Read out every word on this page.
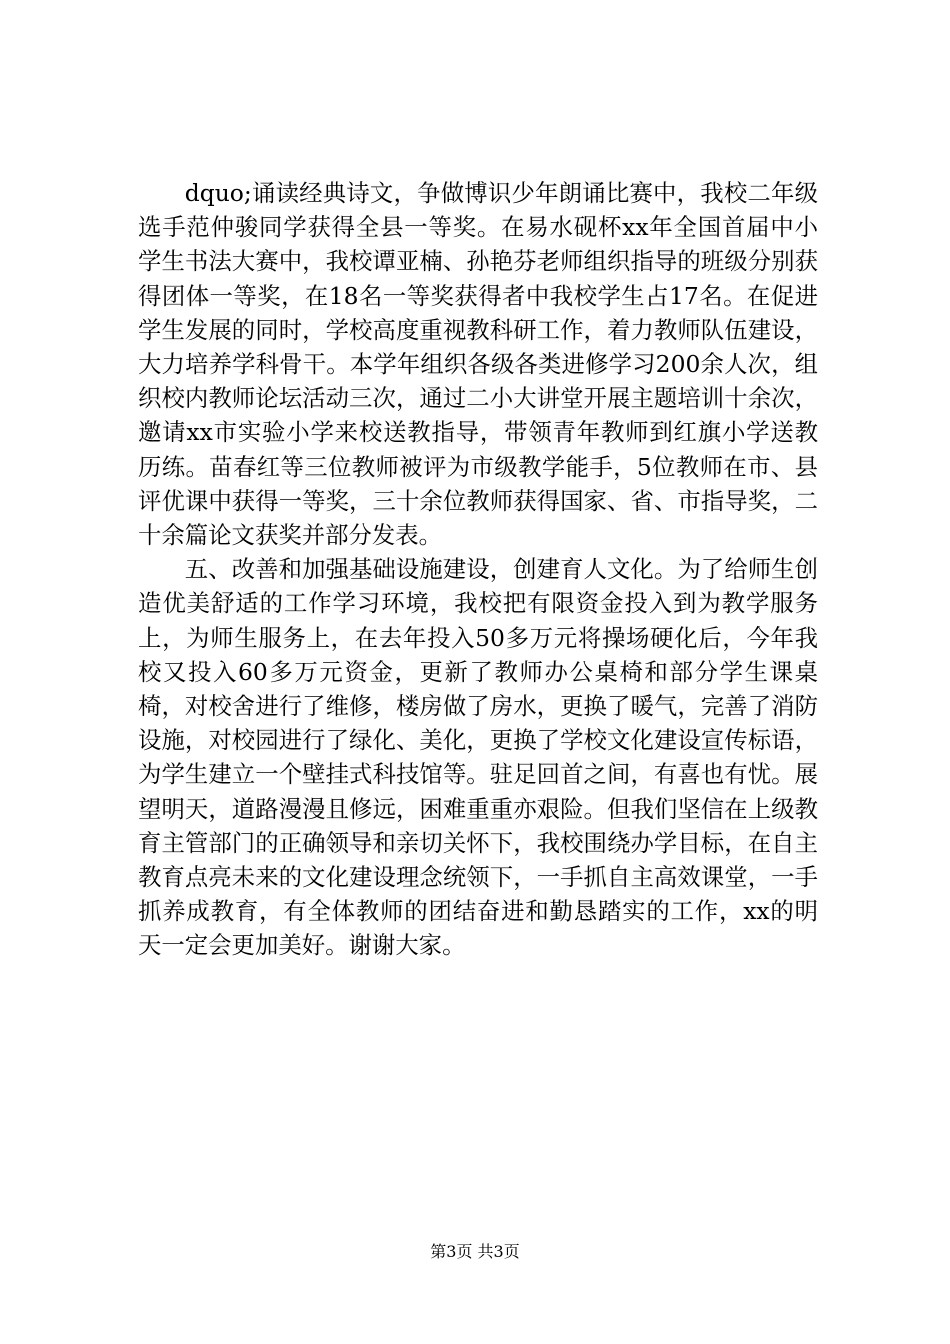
dquo;诵读经典诗文，争做博识少年朗诵比赛中，我校二年级选手范仲骏同学获得全县一等奖。在易水砚杯xx年全国首届中小学生书法大赛中，我校谭亚楠、孙艳芬老师组织指导的班级分别获得团体一等奖，在18名一等奖获得者中我校学生占17名。在促进学生发展的同时，学校高度重视教科研工作，着力教师队伍建设，大力培养学科骨干。本学年组织各级各类进修学习200余人次，组织校内教师论坛活动三次，通过二小大讲堂开展主题培训十余次，邀请xx市实验小学来校送教指导，带领青年教师到红旗小学送教历练。苗春红等三位教师被评为市级教学能手，5位教师在市、县评优课中获得一等奖，三十余位教师获得国家、省、市指导奖，二十余篇论文获奖并部分发表。

五、改善和加强基础设施建设，创建育人文化。为了给师生创造优美舒适的工作学习环境，我校把有限资金投入到为教学服务上，为师生服务上，在去年投入50多万元将操场硬化后，今年我校又投入60多万元资金，更新了教师办公桌椅和部分学生课桌椅，对校舍进行了维修，楼房做了房水，更换了暖气，完善了消防设施，对校园进行了绿化、美化，更换了学校文化建设宣传标语，为学生建立一个壁挂式科技馆等。驻足回首之间，有喜也有忧。展望明天，道路漫漫且修远，困难重重亦艰险。但我们坚信在上级教育主管部门的正确领导和亲切关怀下，我校围绕办学目标，在自主教育点亮未来的文化建设理念统领下，一手抓自主高效课堂，一手抓养成教育，有全体教师的团结奋进和勤恳踏实的工作，xx的明天一定会更加美好。谢谢大家。

第3页 共3页
